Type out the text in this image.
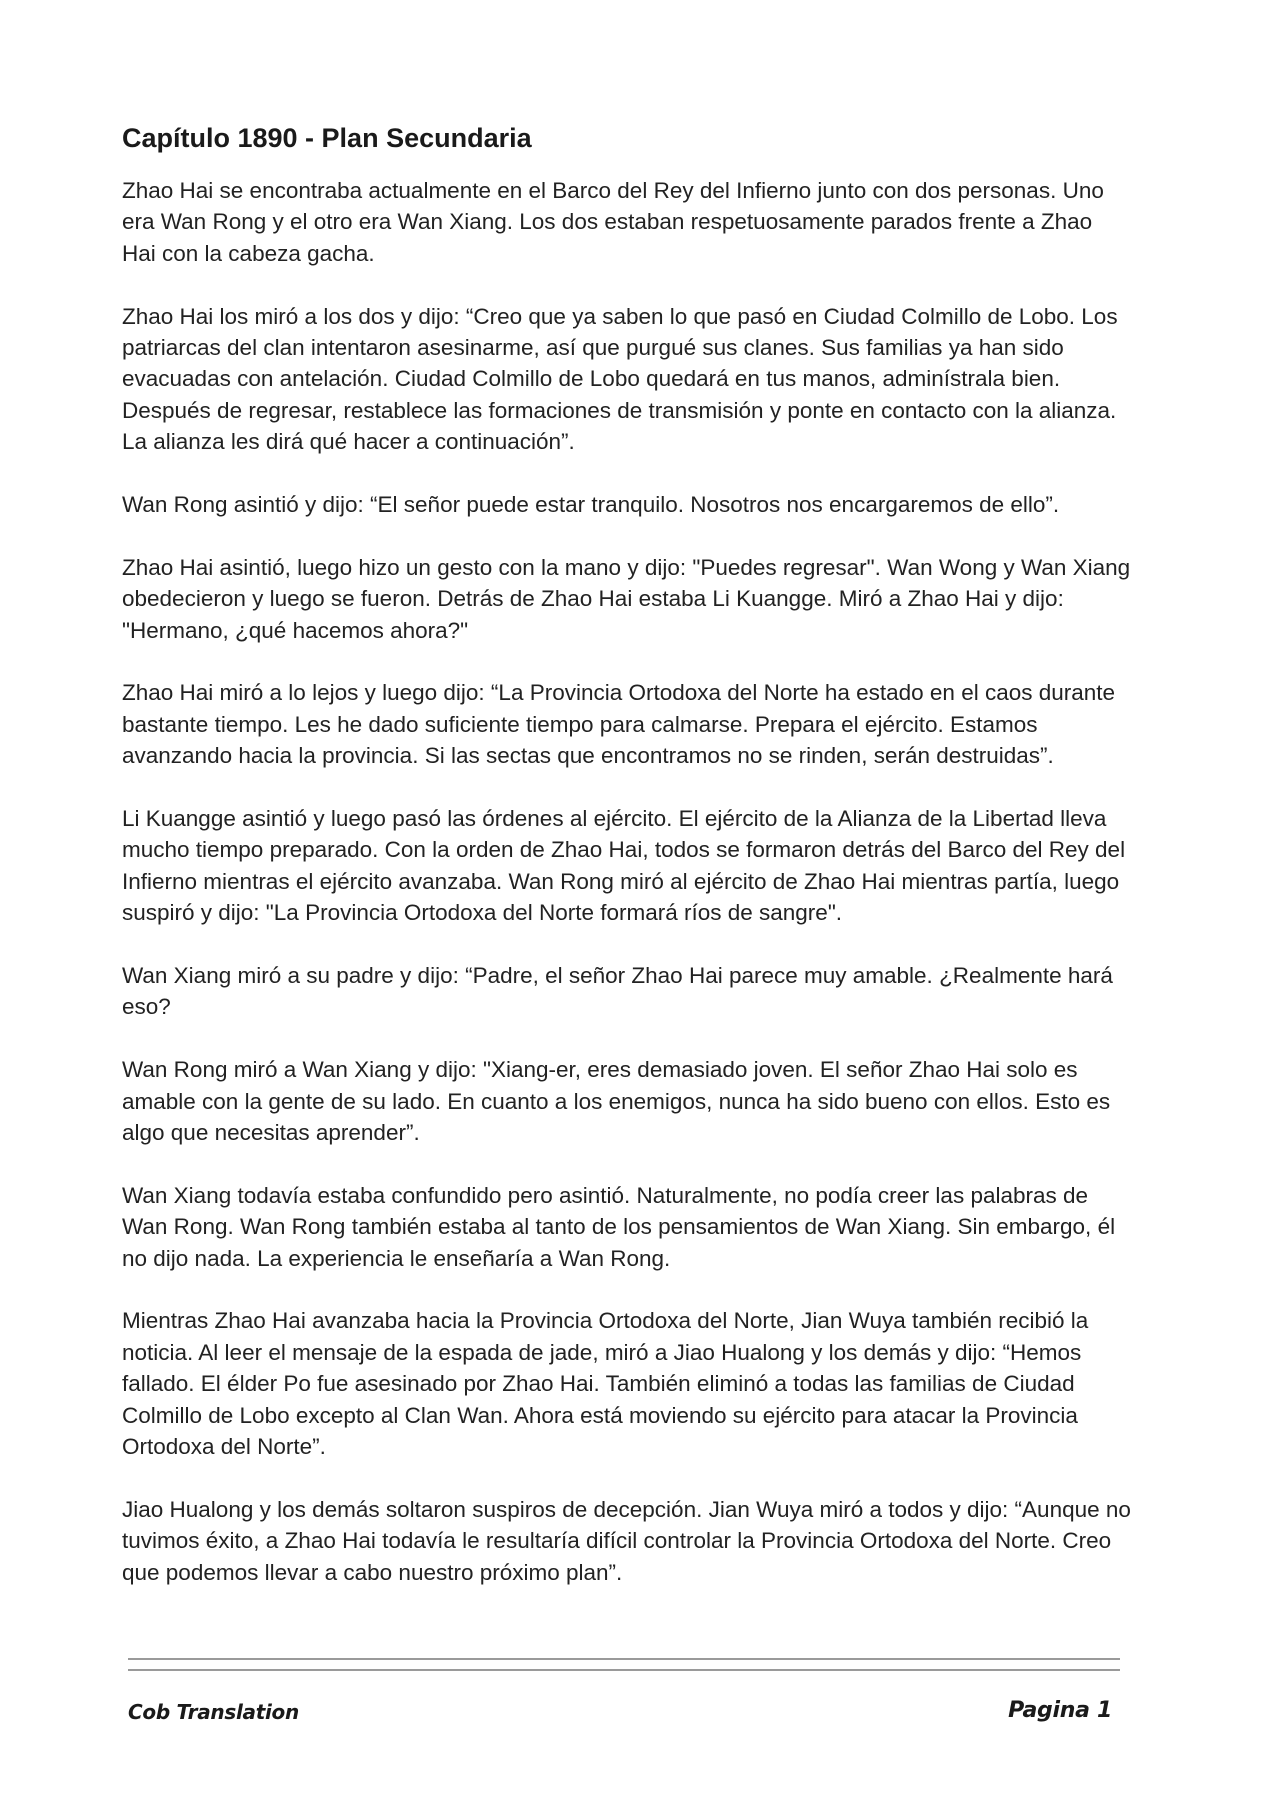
Capítulo 1890 - Plan Secundaria

Zhao Hai se encontraba actualmente en el Barco del Rey del Infierno junto con dos personas. Uno era Wan Rong y el otro era Wan Xiang. Los dos estaban respetuosamente parados frente a Zhao Hai con la cabeza gacha.

Zhao Hai los miró a los dos y dijo: “Creo que ya saben lo que pasó en Ciudad Colmillo de Lobo. Los patriarcas del clan intentaron asesinarme, así que purgué sus clanes. Sus familias ya han sido evacuadas con antelación. Ciudad Colmillo de Lobo quedará en tus manos, adminístrala bien. Después de regresar, restablece las formaciones de transmisión y ponte en contacto con la alianza. La alianza les dirá qué hacer a continuación”.

Wan Rong asintió y dijo: “El señor puede estar tranquilo. Nosotros nos encargaremos de ello”.

Zhao Hai asintió, luego hizo un gesto con la mano y dijo: "Puedes regresar". Wan Wong y Wan Xiang obedecieron y luego se fueron. Detrás de Zhao Hai estaba Li Kuangge. Miró a Zhao Hai y dijo: "Hermano, ¿qué hacemos ahora?"

Zhao Hai miró a lo lejos y luego dijo: “La Provincia Ortodoxa del Norte ha estado en el caos durante bastante tiempo. Les he dado suficiente tiempo para calmarse. Prepara el ejército. Estamos avanzando hacia la provincia. Si las sectas que encontramos no se rinden, serán destruidas”.

Li Kuangge asintió y luego pasó las órdenes al ejército. El ejército de la Alianza de la Libertad lleva mucho tiempo preparado. Con la orden de Zhao Hai, todos se formaron detrás del Barco del Rey del Infierno mientras el ejército avanzaba. Wan Rong miró al ejército de Zhao Hai mientras partía, luego suspiró y dijo: "La Provincia Ortodoxa del Norte formará ríos de sangre".

Wan Xiang miró a su padre y dijo: “Padre, el señor Zhao Hai parece muy amable. ¿Realmente hará eso?

Wan Rong miró a Wan Xiang y dijo: "Xiang-er, eres demasiado joven. El señor Zhao Hai solo es amable con la gente de su lado. En cuanto a los enemigos, nunca ha sido bueno con ellos. Esto es algo que necesitas aprender”.

Wan Xiang todavía estaba confundido pero asintió. Naturalmente, no podía creer las palabras de Wan Rong. Wan Rong también estaba al tanto de los pensamientos de Wan Xiang. Sin embargo, él no dijo nada. La experiencia le enseñaría a Wan Rong.

Mientras Zhao Hai avanzaba hacia la Provincia Ortodoxa del Norte, Jian Wuya también recibió la noticia. Al leer el mensaje de la espada de jade, miró a Jiao Hualong y los demás y dijo: “Hemos fallado. El élder Po fue asesinado por Zhao Hai. También eliminó a todas las familias de Ciudad Colmillo de Lobo excepto al Clan Wan. Ahora está moviendo su ejército para atacar la Provincia Ortodoxa del Norte”.

Jiao Hualong y los demás soltaron suspiros de decepción. Jian Wuya miró a todos y dijo: “Aunque no tuvimos éxito, a Zhao Hai todavía le resultaría difícil controlar la Provincia Ortodoxa del Norte. Creo que podemos llevar a cabo nuestro próximo plan”.

Cob Translation	Pagina 1
